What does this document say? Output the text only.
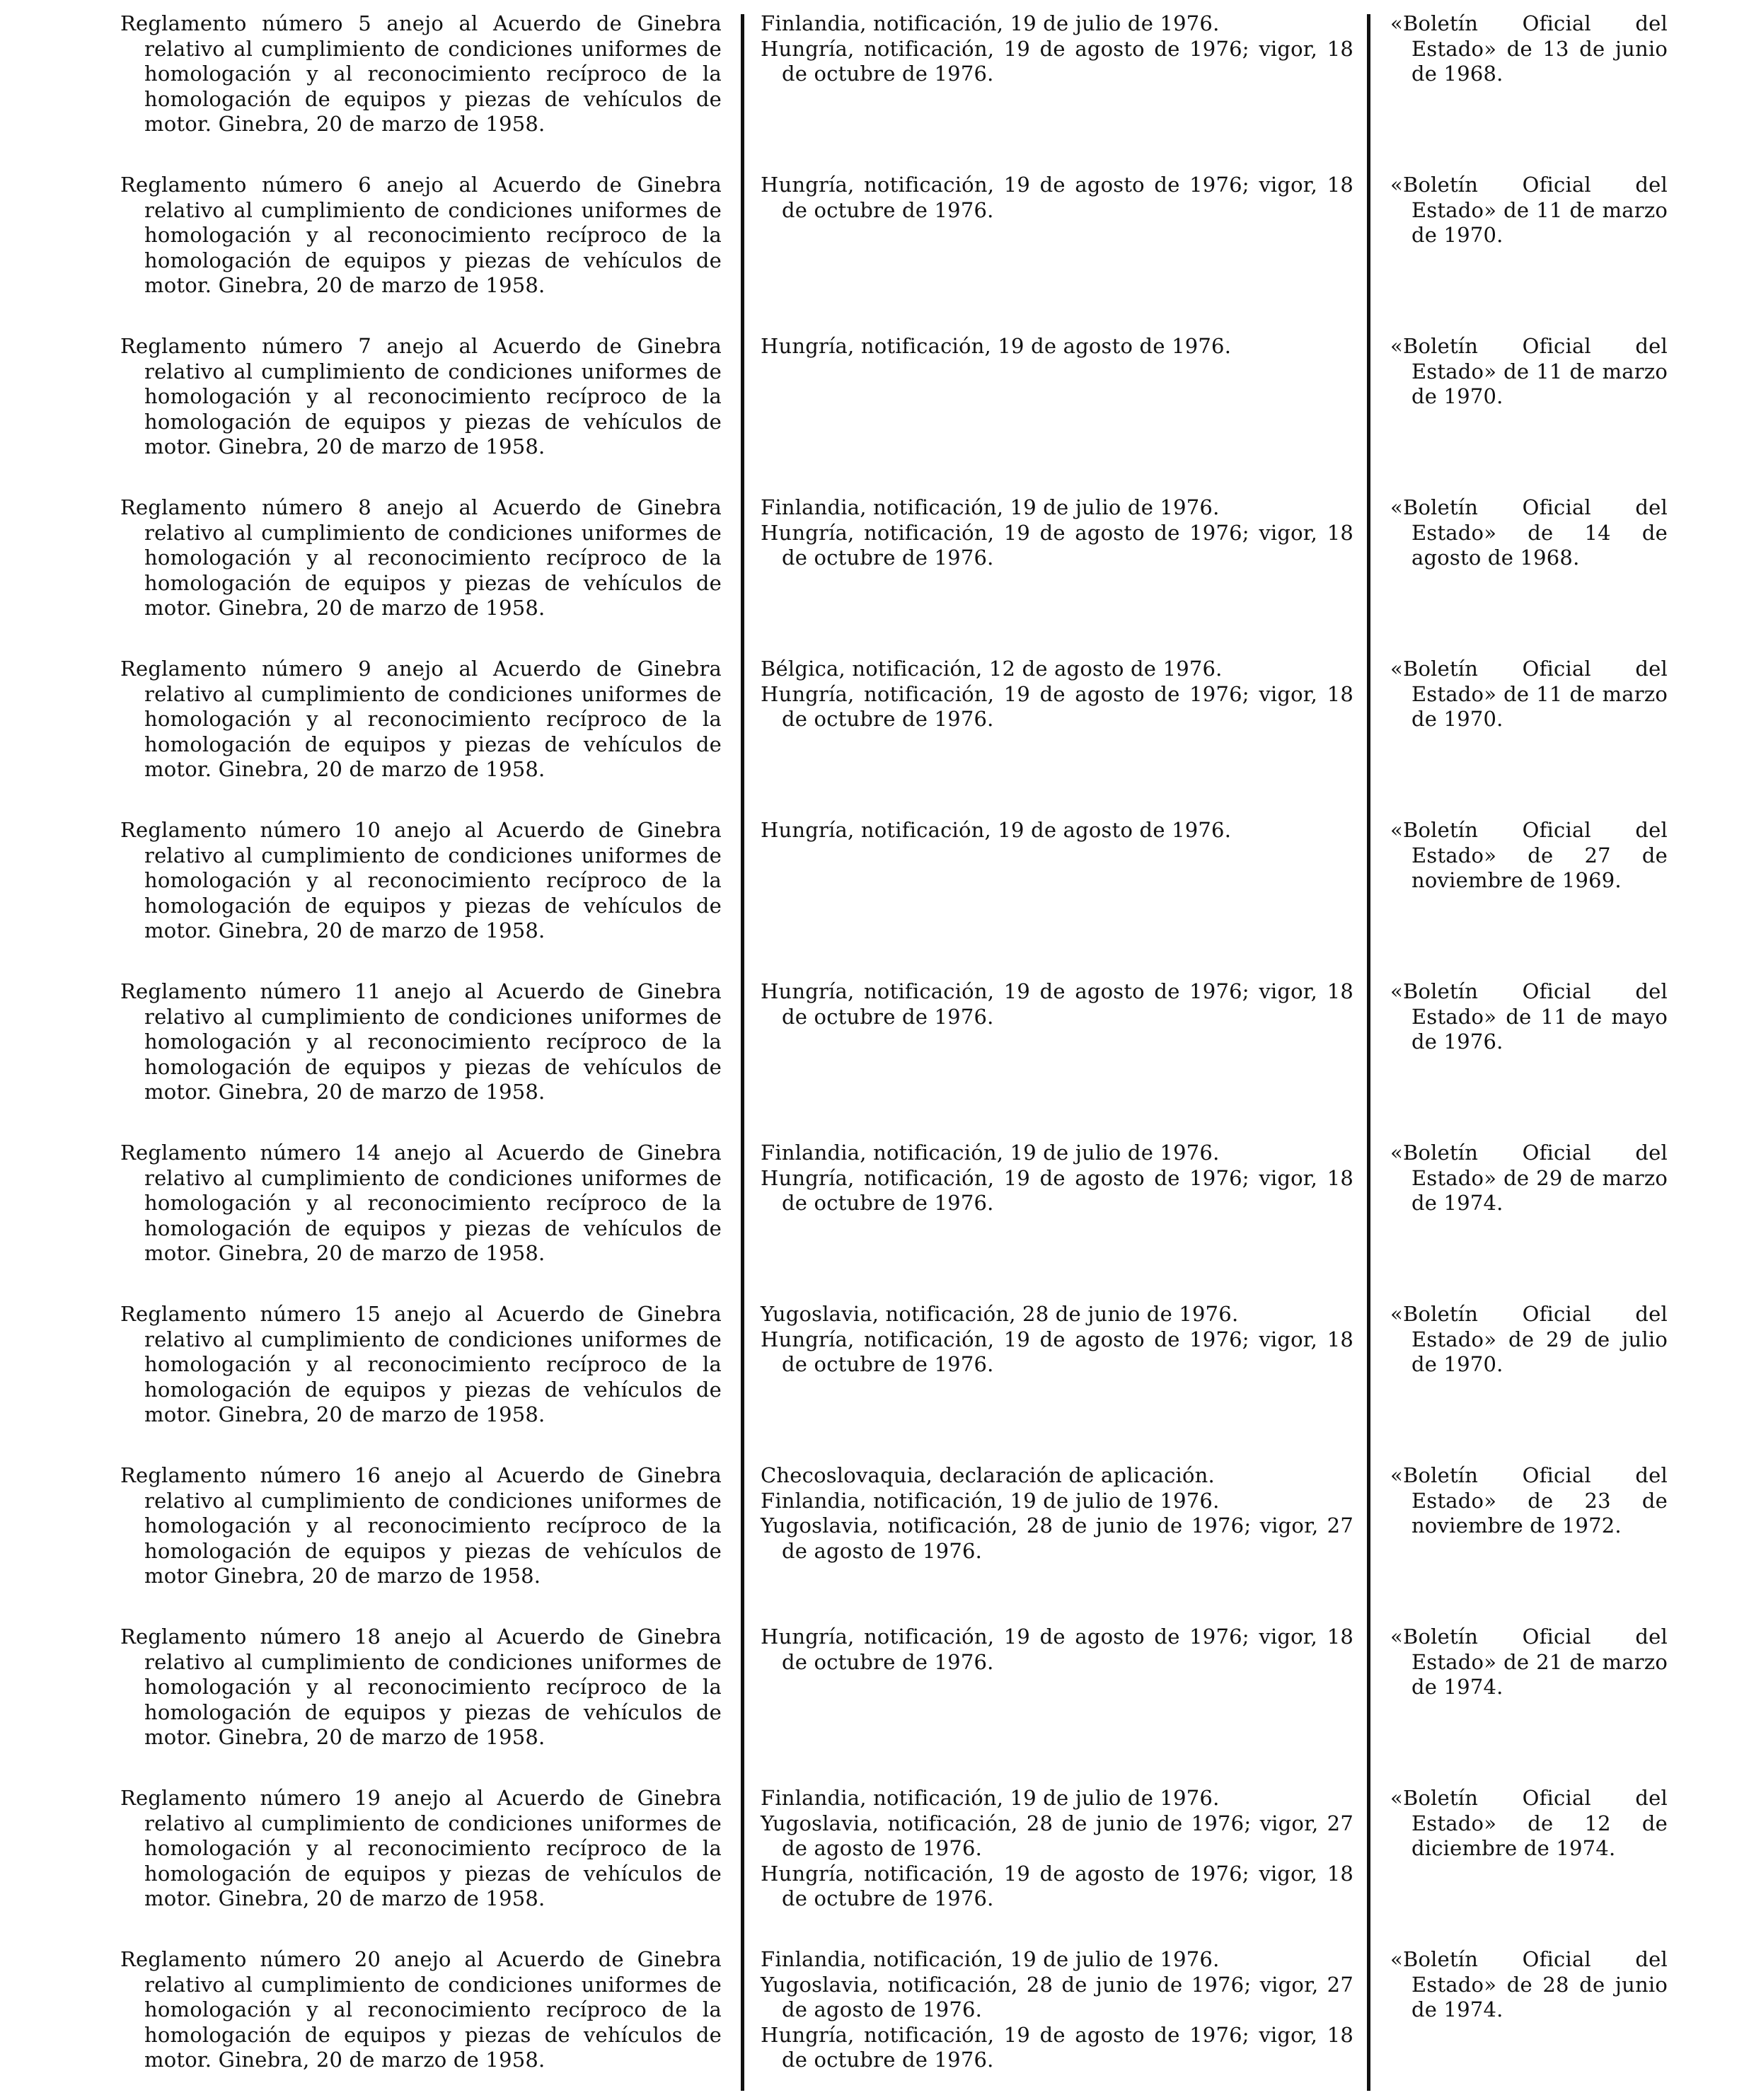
Reglamento número 5 anejo al Acuerdo de Ginebra relativo al cumplimiento de condiciones uniformes de homologación y al reconocimiento recíproco de la homologación de equipos y piezas de vehículos de motor. Ginebra, 20 de marzo de 1958.
Reglamento número 6 anejo al Acuerdo de Ginebra relativo al cumplimiento de condiciones uniformes de homologación y al reconocimiento recíproco de la homologación de equipos y piezas de vehículos de motor. Ginebra, 20 de marzo de 1958.
Reglamento número 7 anejo al Acuerdo de Ginebra relativo al cumplimiento de condiciones uniformes de homologación y al reconocimiento recíproco de la homologación de equipos y piezas de vehículos de motor. Ginebra, 20 de marzo de 1958.
Reglamento número 8 anejo al Acuerdo de Ginebra relativo al cumplimiento de condiciones uniformes de homologación y al reconocimiento recíproco de la homologación de equipos y piezas de vehículos de motor. Ginebra, 20 de marzo de 1958.
Reglamento número 9 anejo al Acuerdo de Ginebra relativo al cumplimiento de condiciones uniformes de homologación y al reconocimiento recíproco de la homologación de equipos y piezas de vehículos de motor. Ginebra, 20 de marzo de 1958.
Reglamento número 10 anejo al Acuerdo de Ginebra relativo al cumplimiento de condiciones uniformes de homologación y al reconocimiento recíproco de la homologación de equipos y piezas de vehículos de motor. Ginebra, 20 de marzo de 1958.
Reglamento número 11 anejo al Acuerdo de Ginebra relativo al cumplimiento de condiciones uniformes de homologación y al reconocimiento recíproco de la homologación de equipos y piezas de vehículos de motor. Ginebra, 20 de marzo de 1958.
Reglamento número 14 anejo al Acuerdo de Ginebra relativo al cumplimiento de condiciones uniformes de homologación y al reconocimiento recíproco de la homologación de equipos y piezas de vehículos de motor. Ginebra, 20 de marzo de 1958.
Reglamento número 15 anejo al Acuerdo de Ginebra relativo al cumplimiento de condiciones uniformes de homologación y al reconocimiento recíproco de la homologación de equipos y piezas de vehículos de motor. Ginebra, 20 de marzo de 1958.
Reglamento número 16 anejo al Acuerdo de Ginebra relativo al cumplimiento de condiciones uniformes de homologación y al reconocimiento recíproco de la homologación de equipos y piezas de vehículos de motor Ginebra, 20 de marzo de 1958.
Reglamento número 18 anejo al Acuerdo de Ginebra relativo al cumplimiento de condiciones uniformes de homologación y al reconocimiento recíproco de la homologación de equipos y piezas de vehículos de motor. Ginebra, 20 de marzo de 1958.
Reglamento número 19 anejo al Acuerdo de Ginebra relativo al cumplimiento de condiciones uniformes de homologación y al reconocimiento recíproco de la homologación de equipos y piezas de vehículos de motor. Ginebra, 20 de marzo de 1958.
Reglamento número 20 anejo al Acuerdo de Ginebra relativo al cumplimiento de condiciones uniformes de homologación y al reconocimiento recíproco de la homologación de equipos y piezas de vehículos de motor. Ginebra, 20 de marzo de 1958.

Finlandia, notificación, 19 de julio de 1976.

Hungría, notificación, 19 de agosto de 1976; vigor, 18 de octubre de 1976.

Hungría, notificación, 19 de agosto de 1976; vigor, 18 de octubre de 1976.

Hungría, notificación, 19 de agosto de 1976.

Finlandia, notificación, 19 de julio de 1976.

Hungría, notificación, 19 de agosto de 1976; vigor, 18 de octubre de 1976.

Bélgica, notificación, 12 de agosto de 1976.

Hungría, notificación, 19 de agosto de 1976; vigor, 18 de octubre de 1976.

Hungría, notificación, 19 de agosto de 1976.

Hungría, notificación, 19 de agosto de 1976; vigor, 18 de octubre de 1976.

Finlandia, notificación, 19 de julio de 1976.

Hungría, notificación, 19 de agosto de 1976; vigor, 18 de octubre de 1976.

Yugoslavia, notificación, 28 de junio de 1976.

Hungría, notificación, 19 de agosto de 1976; vigor, 18 de octubre de 1976.

Checoslovaquia, declaración de aplicación.

Finlandia, notificación, 19 de julio de 1976.

Yugoslavia, notificación, 28 de junio de 1976; vigor, 27 de agosto de 1976.

Hungría, notificación, 19 de agosto de 1976; vigor, 18 de octubre de 1976.

Finlandia, notificación, 19 de julio de 1976.

Yugoslavia, notificación, 28 de junio de 1976; vigor, 27 de agosto de 1976.

Hungría, notificación, 19 de agosto de 1976; vigor, 18 de octubre de 1976.

Finlandia, notificación, 19 de julio de 1976.

Yugoslavia, notificación, 28 de junio de 1976; vigor, 27 de agosto de 1976.

Hungría, notificación, 19 de agosto de 1976; vigor, 18 de octubre de 1976.

«Boletín Oficial del Estado» de 13 de junio de 1968.
«Boletín Oficial del Estado» de 11 de marzo de 1970.
«Boletín Oficial del Estado» de 11 de marzo de 1970.
«Boletín Oficial del Estado» de 14 de agosto de 1968.
«Boletín Oficial del Estado» de 11 de marzo de 1970.
«Boletín Oficial del Estado» de 27 de noviembre de 1969.
«Boletín Oficial del Estado» de 11 de mayo de 1976.
«Boletín Oficial del Estado» de 29 de marzo de 1974.
«Boletín Oficial del Estado» de 29 de julio de 1970.
«Boletín Oficial del Estado» de 23 de noviembre de 1972.
«Boletín Oficial del Estado» de 21 de marzo de 1974.
«Boletín Oficial del Estado» de 12 de diciembre de 1974.
«Boletín Oficial del Estado» de 28 de junio de 1974.
